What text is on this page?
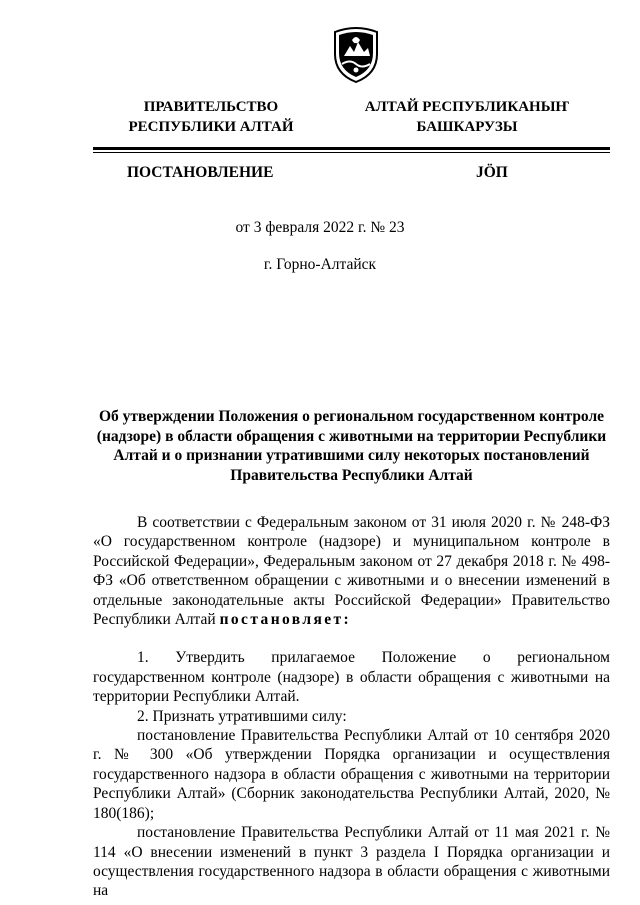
ПРАВИТЕЛЬСТВО
РЕСПУБЛИКИ АЛТАЙ
АЛТАЙ РЕСПУБЛИКАНЫҤ
БАШКАРУЗЫ
ПОСТАНОВЛЕНИЕ	JÖП
от 3 февраля 2022 г. № 23
г. Горно-Алтайск
Об утверждении Положения о региональном государственном контроле
(надзоре) в области обращения с животными на территории Республики
Алтай и о признании утратившими силу некоторых постановлений
Правительства Республики Алтай

В соответствии с Федеральным законом от 31 июля 2020 г. № 248-ФЗ «О государственном контроле (надзоре) и муниципальном контроле в Российской Федерации», Федеральным законом от 27 декабря 2018 г. № 498-ФЗ «Об ответственном обращении с животными и о внесении изменений в отдельные законодательные акты Российской Федерации» Правительство Республики Алтай постановляет:

1. Утвердить прилагаемое Положение о региональном государственном контроле (надзоре) в области обращения с животными на территории Республики Алтай.

2. Признать утратившими силу:

постановление Правительства Республики Алтай от 10 сентября 2020 г. № 300 «Об утверждении Порядка организации и осуществления государственного надзора в области обращения с животными на территории Республики Алтай» (Сборник законодательства Республики Алтай, 2020, № 180(186);

постановление Правительства Республики Алтай от 11 мая 2021 г. № 114 «О внесении изменений в пункт 3 раздела I Порядка организации и осуществления государственного надзора в области обращения с животными на
